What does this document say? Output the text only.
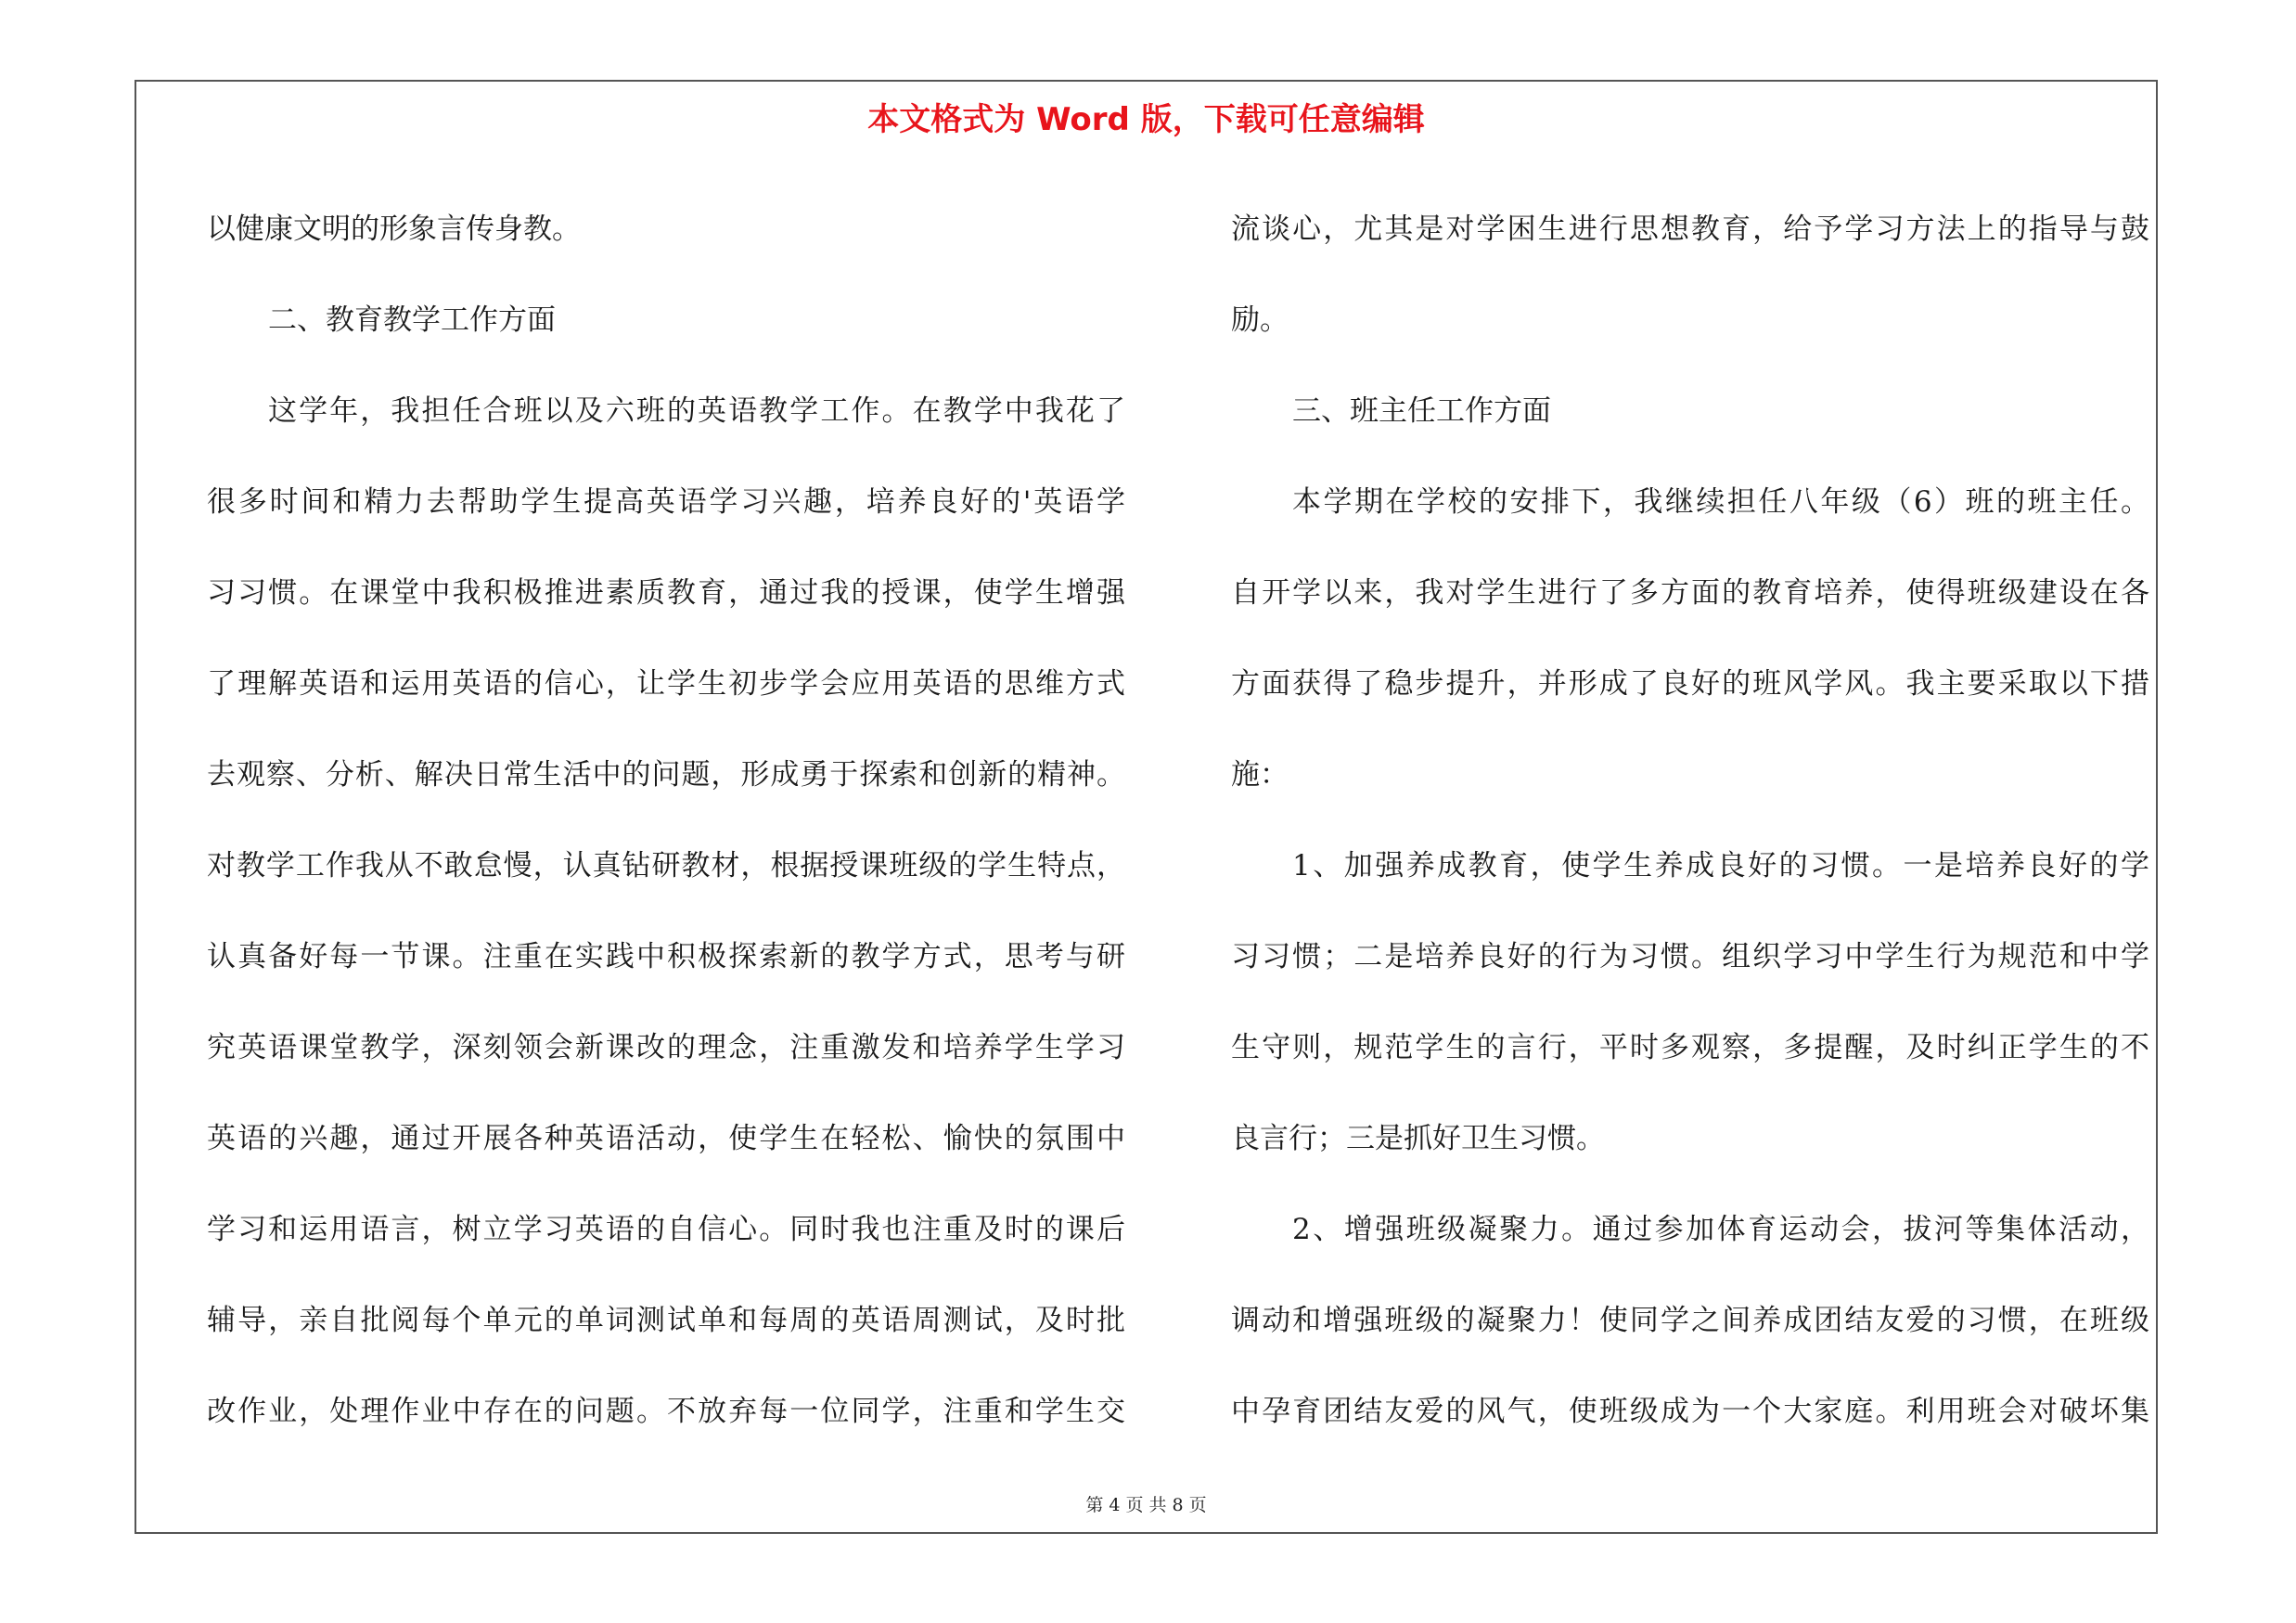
本文格式为 Word 版，下载可任意编辑
以健康文明的形象言传身教。
二、教育教学工作方面
这学年，我担任合班以及六班的英语教学工作。在教学中我花了
很多时间和精力去帮助学生提高英语学习兴趣，培养良好的'英语学
习习惯。在课堂中我积极推进素质教育，通过我的授课，使学生增强
了理解英语和运用英语的信心，让学生初步学会应用英语的思维方式
去观察、分析、解决日常生活中的问题，形成勇于探索和创新的精神。
对教学工作我从不敢怠慢，认真钻研教材，根据授课班级的学生特点，
认真备好每一节课。注重在实践中积极探索新的教学方式，思考与研
究英语课堂教学，深刻领会新课改的理念，注重激发和培养学生学习
英语的兴趣，通过开展各种英语活动，使学生在轻松、愉快的氛围中
学习和运用语言，树立学习英语的自信心。同时我也注重及时的课后
辅导，亲自批阅每个单元的单词测试单和每周的英语周测试，及时批
改作业，处理作业中存在的问题。不放弃每一位同学，注重和学生交
流谈心，尤其是对学困生进行思想教育，给予学习方法上的指导与鼓
励。
三、班主任工作方面
本学期在学校的安排下，我继续担任八年级（6）班的班主任。
自开学以来，我对学生进行了多方面的教育培养，使得班级建设在各
方面获得了稳步提升，并形成了良好的班风学风。我主要采取以下措
施：
1、加强养成教育，使学生养成良好的习惯。一是培养良好的学
习习惯；二是培养良好的行为习惯。组织学习中学生行为规范和中学
生守则，规范学生的言行，平时多观察，多提醒，及时纠正学生的不
良言行；三是抓好卫生习惯。
2、增强班级凝聚力。通过参加体育运动会，拔河等集体活动，
调动和增强班级的凝聚力！使同学之间养成团结友爱的习惯，在班级
中孕育团结友爱的风气，使班级成为一个大家庭。利用班会对破坏集
第 4 页 共 8 页
